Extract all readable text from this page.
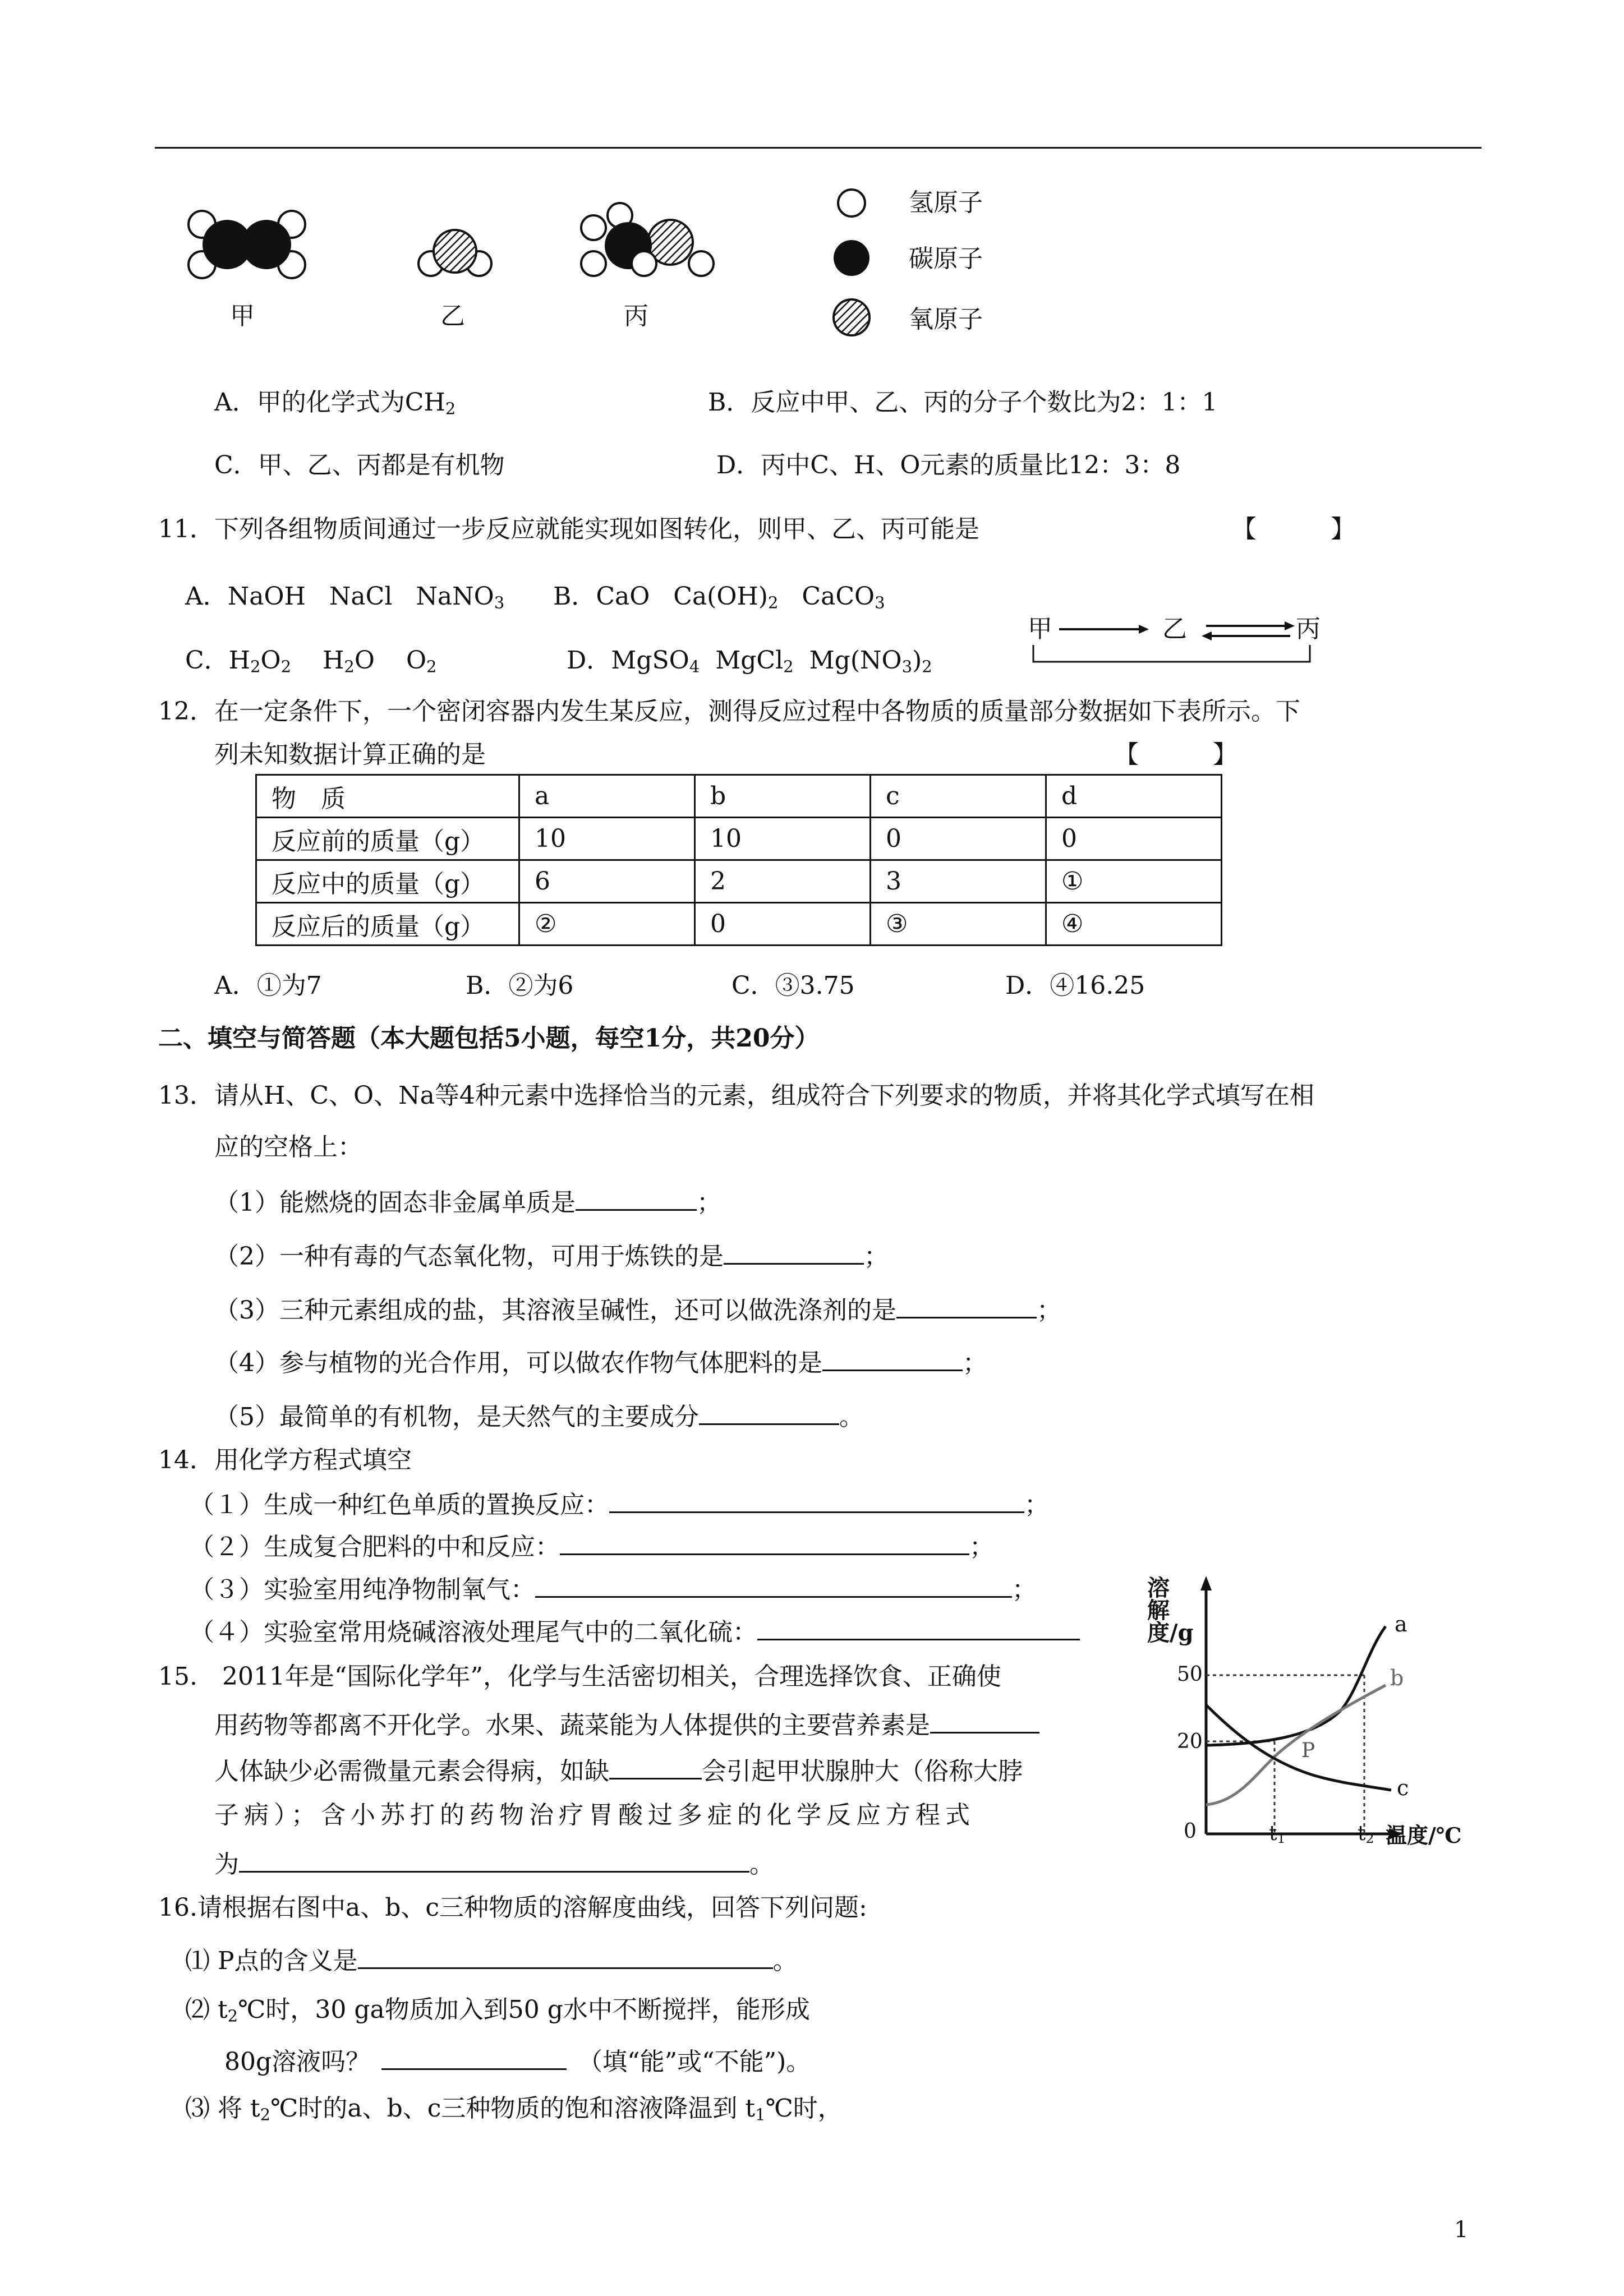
甲	乙	丙
氢原子
碳原子
氧原子
A．甲的化学式为$CH_2$	B．反应中甲、乙、丙的分子个数比为2：1：1
C．甲、乙、丙都是有机物	D．丙中C、H、O元素的质量比12：3：8
11．下列各组物质间通过一步反应就能实现如图转化，则甲、乙、丙可能是	【　　　】
A．NaOH NaCl NaNO$_3$ B．CaO $Ca(OH)_2$ CaCO$_3$
C．$H_2O_2$ $H_2O$ $O_2$	D．MgSO$_4$ MgCl$_2$ $Mg(NO_3)_2$
甲	乙	丙
12．在一定条件下，一个密闭容器内发生某反应，测得反应过程中各物质的质量部分数据如下表所示。下
列未知数据计算正确的是	【　　　】
物　质	a	b	c	d
反应前的质量（g）	10	10	0	0
反应中的质量（g）	6	2	3	①
反应后的质量（g）	②	0	③	④
A．①为7	B．②为6	C．③3.75	D．④16.25
二、填空与简答题（本大题包括5小题，每空1分，共20分）
13．请从H、C、O、Na等4种元素中选择恰当的元素，组成符合下列要求的物质，并将其化学式填写在相
应的空格上：
（1）能燃烧的固态非金属单质是	；
（2）一种有毒的气态氧化物，可用于炼铁的是	；
（3）三种元素组成的盐，其溶液呈碱性，还可以做洗涤剂的是	；
（4）参与植物的光合作用，可以做农作物气体肥料的是	；
（5）最简单的有机物，是天然气的主要成分	。
14．用化学方程式填空
（１）生成一种红色单质的置换反应：	；
（２）生成复合肥料的中和反应：	；
（３）实验室用纯净物制氧气：	；
（４）实验室常用烧碱溶液处理尾气中的二氧化硫：
15.　2011年是“国际化学年”，化学与生活密切相关，合理选择饮食、正确使
用药物等都离不开化学。水果、蔬菜能为人体提供的主要营养素是
人体缺少必需微量元素会得病，如缺	会引起甲状腺肿大（俗称大脖
子病）；含小苏打的药物治疗胃酸过多症的化学反应方程式
为	。
溶解度/g
50
20
0	$t_1$	$t_2$ 温度/℃
a
b
c
P
16.请根据右图中a、b、c三种物质的溶解度曲线，回答下列问题:
⑴ P点的含义是	。
⑵ $t_2℃$时，30 ga物质加入到50 g水中不断搅拌，能形成
80g溶液吗？	（填“能”或“不能”)。
⑶ 将 $t_2℃$时的a、b、c三种物质的饱和溶液降温到 $t_1℃$时，
1
